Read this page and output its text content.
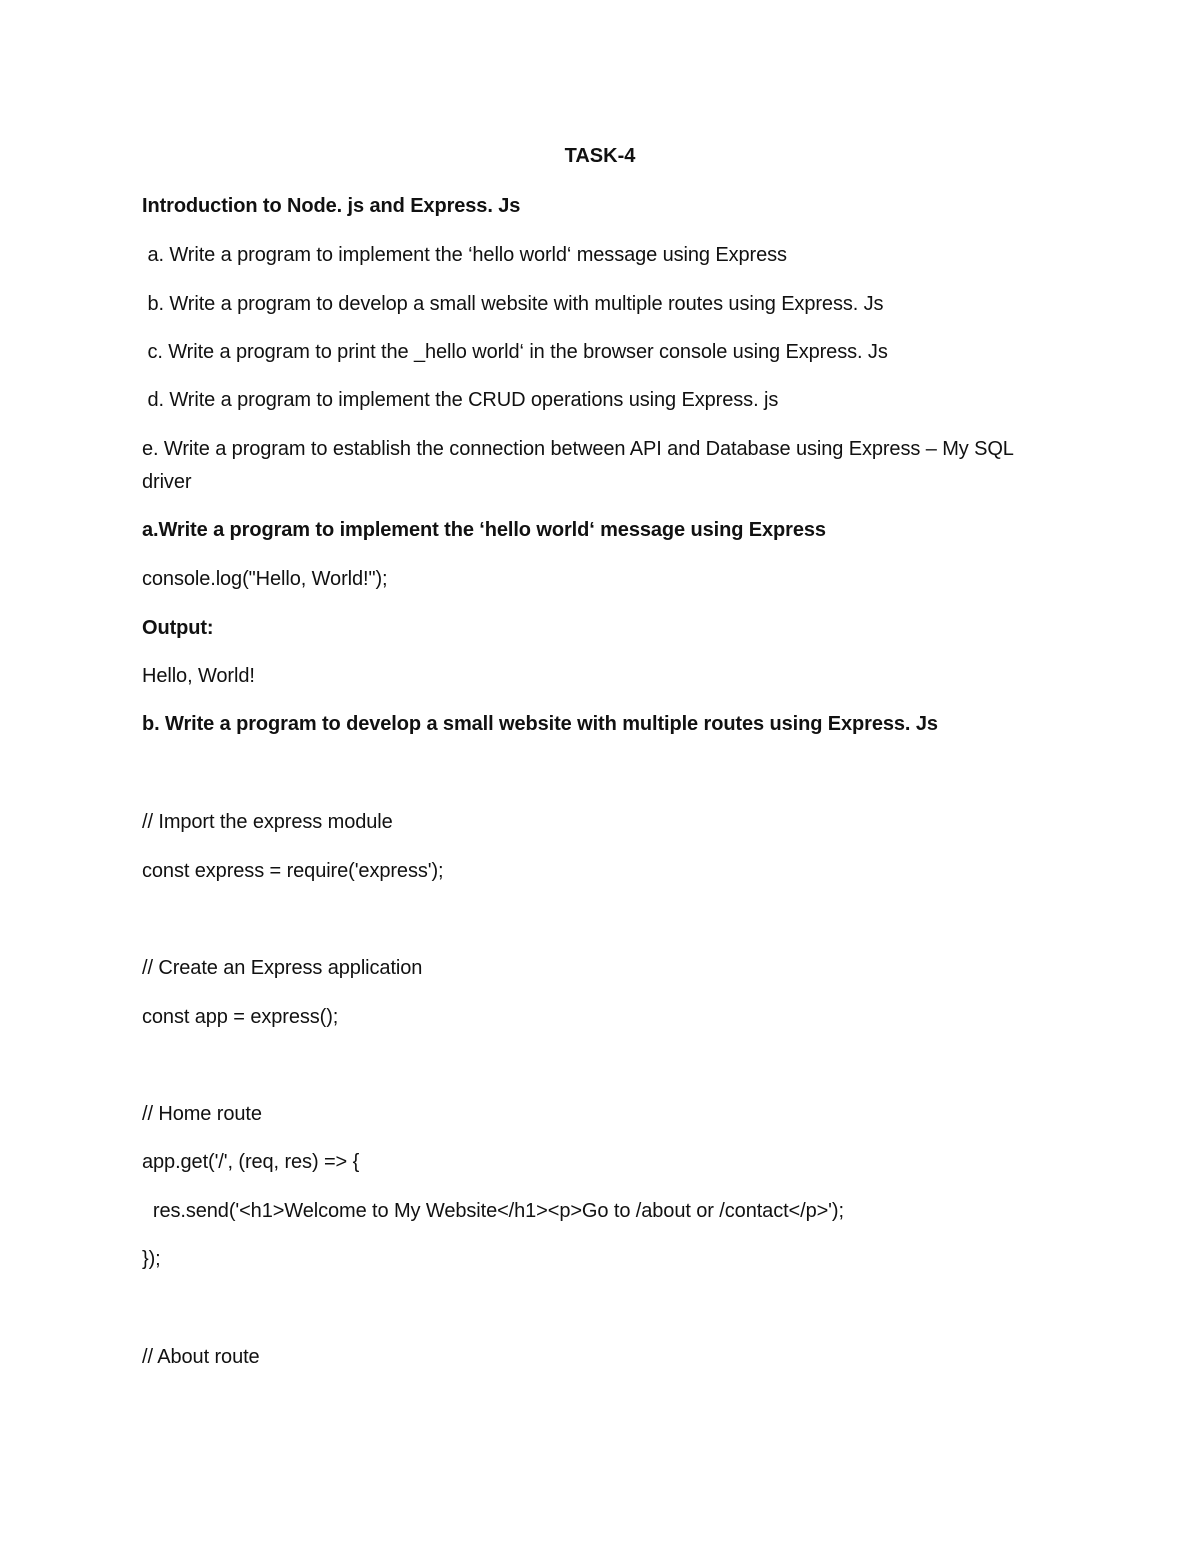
TASK-4
Introduction to Node. js and Express. Js
a. Write a program to implement the ‘hello world‘ message using Express
b. Write a program to develop a small website with multiple routes using Express. Js
c. Write a program to print the _hello world‘ in the browser console using Express. Js
d. Write a program to implement the CRUD operations using Express. js
e. Write a program to establish the connection between API and Database using Express – My SQL driver
a.Write a program to implement the ‘hello world‘ message using Express
console.log("Hello, World!");
Output:
Hello, World!
b. Write a program to develop a small website with multiple routes using Express. Js
// Import the express module
const express = require('express');
// Create an Express application
const app = express();
// Home route
app.get('/', (req, res) => {
res.send('<h1>Welcome to My Website</h1><p>Go to /about or /contact</p>');
});
// About route
